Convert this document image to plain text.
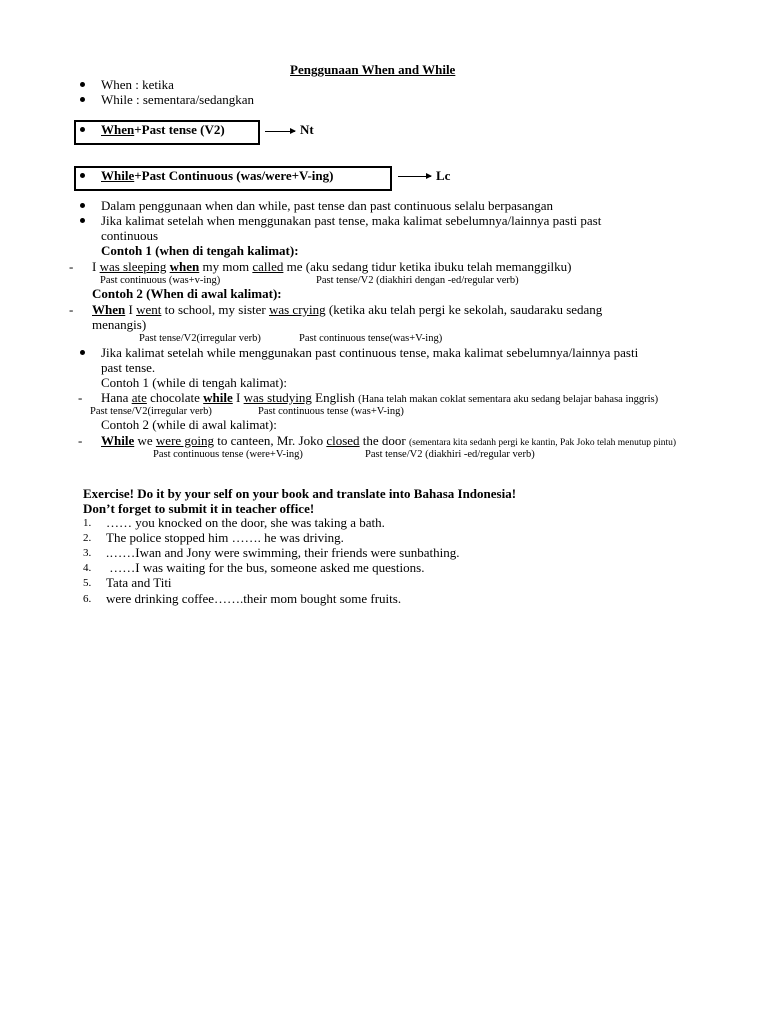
Penggunaan When and While
When : ketika
While : sementara/sedangkan
When+Past tense (V2)	Nt
While+Past Continuous (was/were+V-ing)	Lc
Dalam penggunaan when dan while, past tense dan past continuous selalu berpasangan
Jika kalimat setelah when menggunakan past tense, maka kalimat sebelumnya/lainnya pasti past
continuous
Contoh 1 (when di tengah kalimat):
- I was sleeping when my mom called me (aku sedang tidur ketika ibuku telah memanggilku)
Past continuous (was+v-ing)	Past tense/V2 (diakhiri dengan -ed/regular verb)
Contoh 2 (When di awal kalimat):
- When I went to school, my sister was crying (ketika aku telah pergi ke sekolah, saudaraku sedang
menangis)
Past tense/V2(irregular verb)	Past continuous tense(was+V-ing)
Jika kalimat setelah while menggunakan past continuous tense, maka kalimat sebelumnya/lainnya pasti
past tense.
Contoh 1 (while di tengah kalimat):
- Hana ate chocolate while I was studying English (Hana telah makan coklat sementara aku sedang belajar bahasa inggris)
Past tense/V2(irregular verb)	Past continuous tense (was+V-ing)
Contoh 2 (while di awal kalimat):
- While we were going to canteen, Mr. Joko closed the door (sementara kita sedanh pergi ke kantin, Pak Joko telah menutup pintu)
Past continuous tense (were+V-ing)	Past tense/V2 (diakhiri -ed/regular verb)
Exercise! Do it by your self on your book and translate into Bahasa Indonesia!
Don’t forget to submit it in teacher office!
1. …… you knocked on the door, she was taking a bath.
2. The police stopped him ……. he was driving.
3. .……Iwan and Jony were swimming, their friends were sunbathing.
4. ……I was waiting for the bus, someone asked me questions.
5. Tata and Titi
6. were drinking coffee…….their mom bought some fruits.
